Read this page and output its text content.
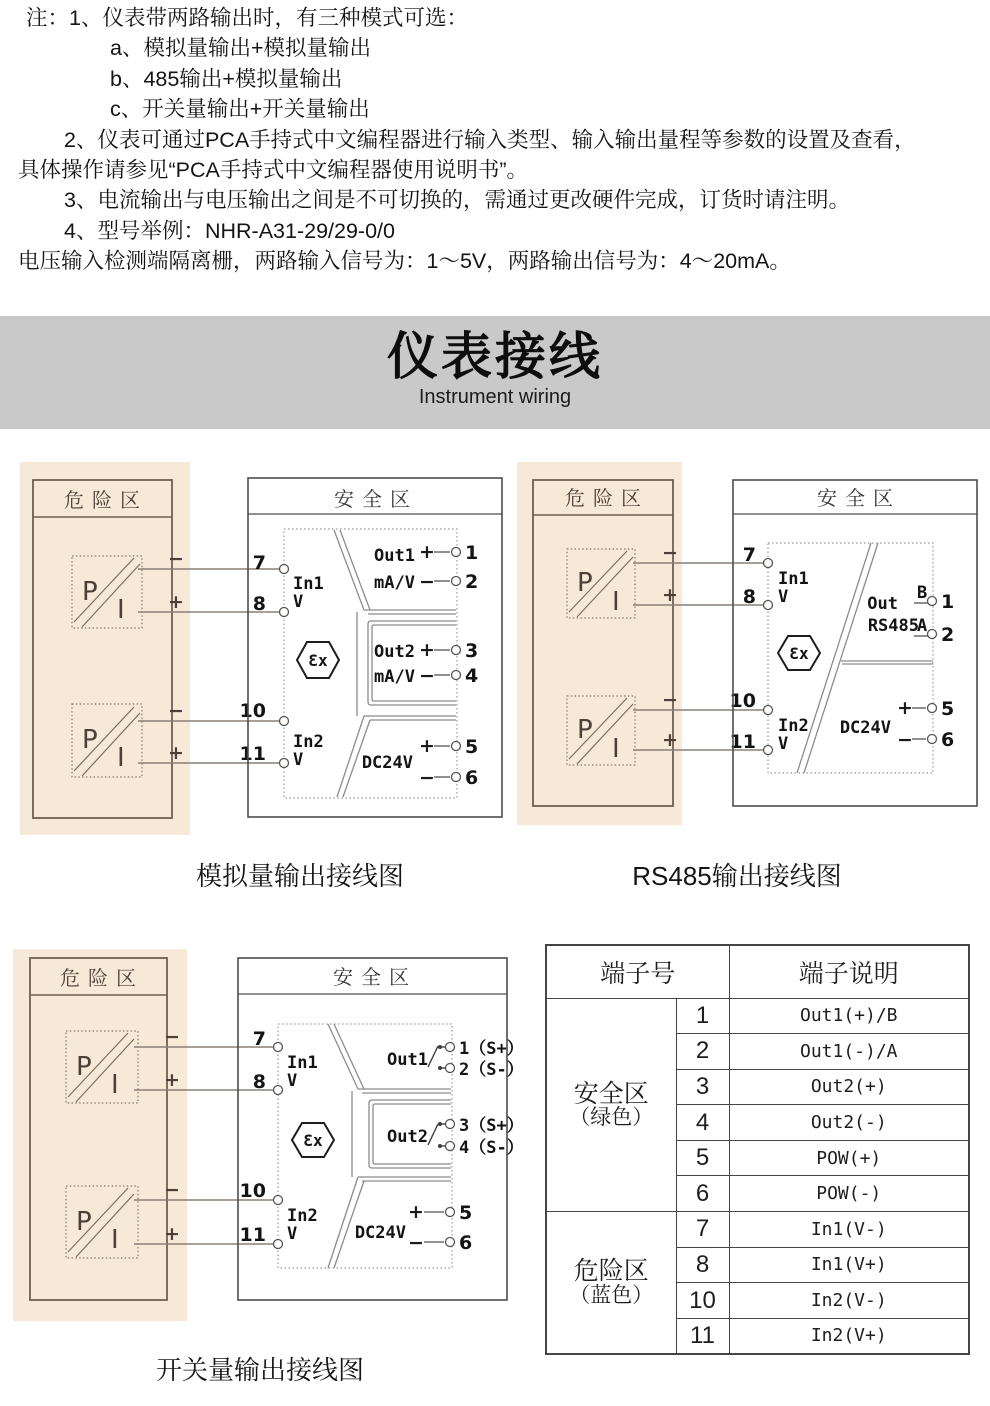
注：1、仪表带两路输出时，有三种模式可选：
a、模拟量输出+模拟量输出
b、485输出+模拟量输出
c、开关量输出+开关量输出
2、仪表可通过PCA手持式中文编程器进行输入类型、输入输出量程等参数的设置及查看，
具体操作请参见“PCA手持式中文编程器使用说明书”。
3、电流输出与电压输出之间是不可切换的，需通过更改硬件完成，订货时请注明。
4、型号举例：NHR-A31-29/29-0/0
电压输入检测端隔离栅，两路输入信号为：1～5V，两路输出信号为：4～20mA。
仪表接线
Instrument wiring
危险区
P
I
P
I
−
+
−
+
7
8
10
11
安全区
In1
V
In2
V
Ɛx
Out1
mA/V
+ 1
− 2
Out2
mA/V
+ 3
− 4
DC24V
+ 5
− 6
危险区
P
I
P
I
−
+
−
+
7
8
10
11
安全区
In1
V
In2
V
Ɛx
Out
RS485
B 1
A 2
DC24V
+ 5
− 6
危险区
P
I
P
I
−
+
−
+
7
8
10
11
安全区
In1
V
In2
V
Ɛx
Out1
1（S+）
2（S-）
Out2
3（S+）
4（S-）
DC24V
+ 5
− 6
模拟量输出接线图	RS485输出接线图
开关量输出接线图
端子号		端子说明

安全区
（绿色）	1	Out1(+)/B
	2	Out1(-)/A
	3	Out2(+)
	4	Out2(-)
	5	POW(+)
	6	POW(-)

危险区
（蓝色）	7	In1(V-)
	8	In1(V+)
	10	In2(V-)
	11	In2(V+)
